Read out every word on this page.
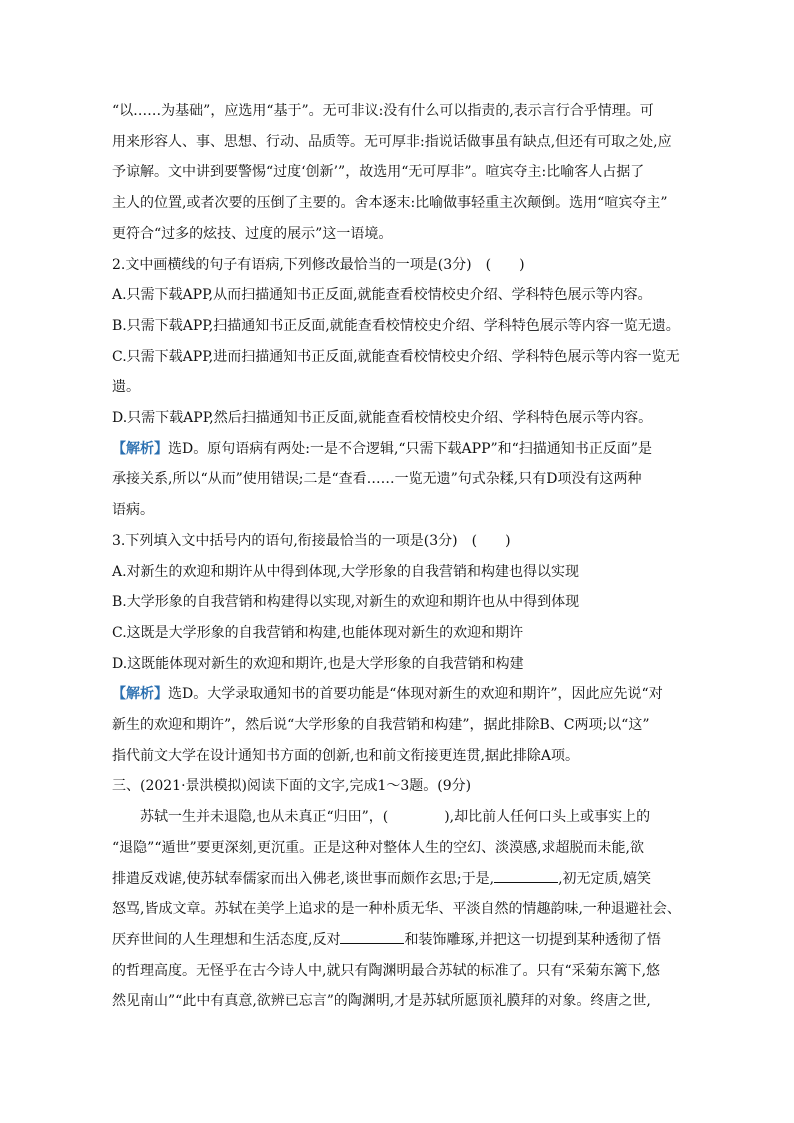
“以……为基础”，应选用“基于”。无可非议:没有什么可以指责的,表示言行合乎情理。可

用来形容人、事、思想、行动、品质等。无可厚非:指说话做事虽有缺点,但还有可取之处,应

予谅解。文中讲到要警惕“过度‘创新’”，故选用“无可厚非”。喧宾夺主:比喻客人占据了

主人的位置,或者次要的压倒了主要的。舍本逐末:比喻做事轻重主次颠倒。选用“喧宾夺主”

更符合“过多的炫技、过度的展示”这一语境。

2.文中画横线的句子有语病,下列修改最恰当的一项是(3分)　(　　)

A.只需下载APP,从而扫描通知书正反面,就能查看校情校史介绍、学科特色展示等内容。

B.只需下载APP,扫描通知书正反面,就能查看校情校史介绍、学科特色展示等内容一览无遗。

C.只需下载APP,进而扫描通知书正反面,就能查看校情校史介绍、学科特色展示等内容一览无

遗。

D.只需下载APP,然后扫描通知书正反面,就能查看校情校史介绍、学科特色展示等内容。

【解析】选D。原句语病有两处:一是不合逻辑,“只需下载APP”和“扫描通知书正反面”是

承接关系,所以“从而”使用错误;二是“查看……一览无遗”句式杂糅,只有D项没有这两种

语病。

3.下列填入文中括号内的语句,衔接最恰当的一项是(3分)　(　　)

A.对新生的欢迎和期许从中得到体现,大学形象的自我营销和构建也得以实现

B.大学形象的自我营销和构建得以实现,对新生的欢迎和期许也从中得到体现

C.这既是大学形象的自我营销和构建,也能体现对新生的欢迎和期许

D.这既能体现对新生的欢迎和期许,也是大学形象的自我营销和构建

【解析】选D。大学录取通知书的首要功能是“体现对新生的欢迎和期许”，因此应先说“对

新生的欢迎和期许”，然后说“大学形象的自我营销和构建”，据此排除B、C两项;以“这”

指代前文大学在设计通知书方面的创新,也和前文衔接更连贯,据此排除A项。

三、(2021·景洪模拟)阅读下面的文字,完成1～3题。(9分)

苏轼一生并未退隐,也从未真正“归田”，(　　　　),却比前人任何口头上或事实上的

“退隐”“遁世”要更深刻,更沉重。正是这种对整体人生的空幻、淡漠感,求超脱而未能,欲

排遣反戏谑,使苏轼奉儒家而出入佛老,谈世事而颇作玄思;于是,	,初无定质,嬉笑

怒骂,皆成文章。苏轼在美学上追求的是一种朴质无华、平淡自然的情趣韵味,一种退避社会、

厌弃世间的人生理想和生活态度,反对	和装饰雕琢,并把这一切提到某种透彻了悟

的哲理高度。无怪乎在古今诗人中,就只有陶渊明最合苏轼的标准了。只有“采菊东篱下,悠

然见南山”“此中有真意,欲辨已忘言”的陶渊明,才是苏轼所愿顶礼膜拜的对象。终唐之世,
